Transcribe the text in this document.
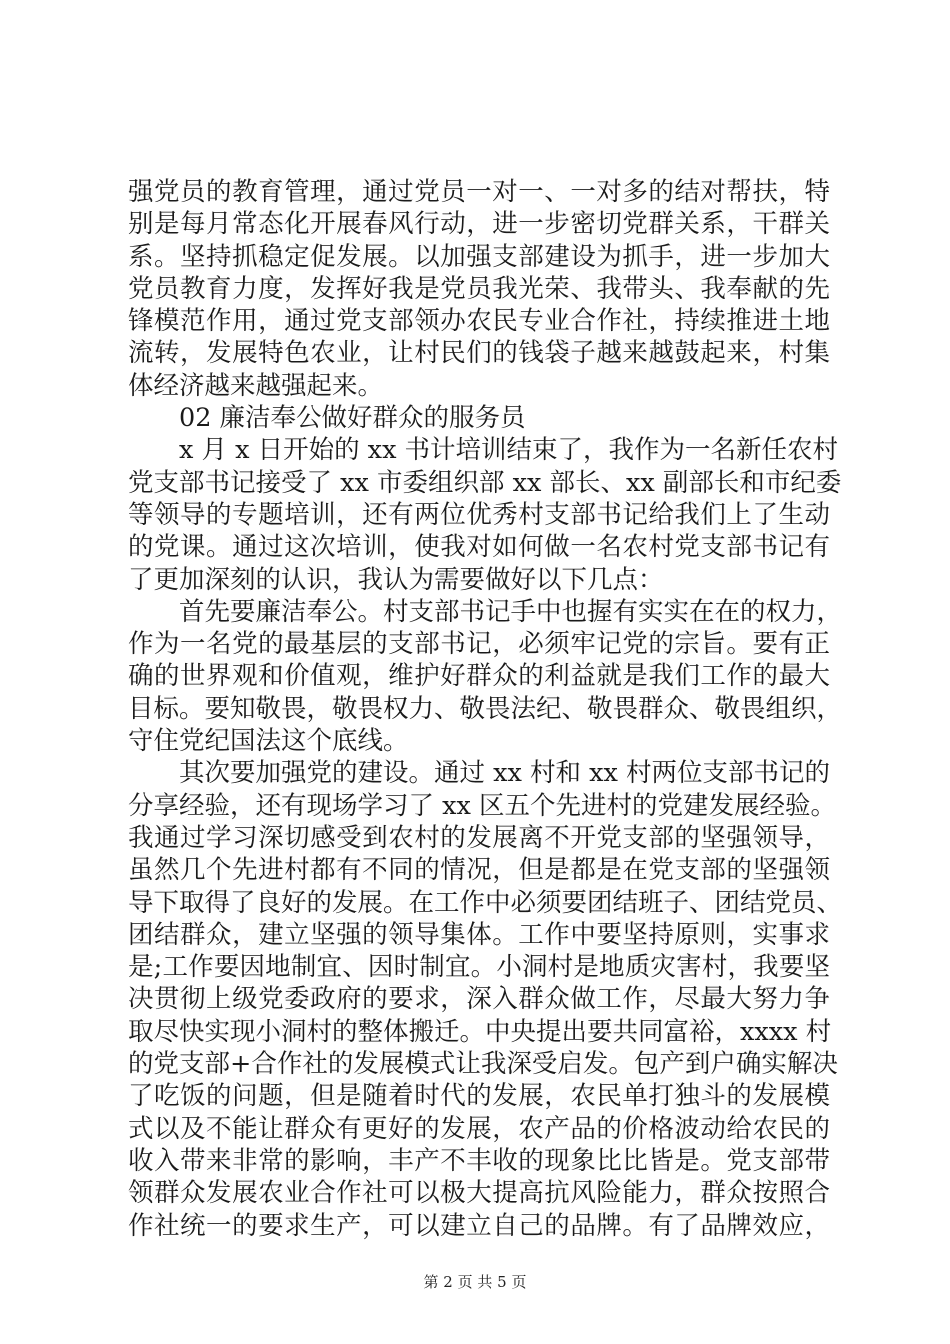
强党员的教育管理，通过党员一对一、一对多的结对帮扶，特
别是每月常态化开展春风行动，进一步密切党群关系，干群关
系。坚持抓稳定促发展。以加强支部建设为抓手，进一步加大
党员教育力度，发挥好我是党员我光荣、我带头、我奉献的先
锋模范作用，通过党支部领办农民专业合作社，持续推进土地
流转，发展特色农业，让村民们的钱袋子越来越鼓起来，村集
体经济越来越强起来。
02 廉洁奉公做好群众的服务员
x 月 x 日开始的 xx 书计培训结束了，我作为一名新任农村
党支部书记接受了 xx 市委组织部 xx 部长、xx 副部长和市纪委
等领导的专题培训，还有两位优秀村支部书记给我们上了生动
的党课。通过这次培训，使我对如何做一名农村党支部书记有
了更加深刻的认识，我认为需要做好以下几点：
首先要廉洁奉公。村支部书记手中也握有实实在在的权力，
作为一名党的最基层的支部书记，必须牢记党的宗旨。要有正
确的世界观和价值观，维护好群众的利益就是我们工作的最大
目标。要知敬畏，敬畏权力、敬畏法纪、敬畏群众、敬畏组织，
守住党纪国法这个底线。
其次要加强党的建设。通过 xx 村和 xx 村两位支部书记的
分享经验，还有现场学习了 xx 区五个先进村的党建发展经验。
我通过学习深切感受到农村的发展离不开党支部的坚强领导，
虽然几个先进村都有不同的情况，但是都是在党支部的坚强领
导下取得了良好的发展。在工作中必须要团结班子、团结党员、
团结群众，建立坚强的领导集体。工作中要坚持原则，实事求
是;工作要因地制宜、因时制宜。小洞村是地质灾害村，我要坚
决贯彻上级党委政府的要求，深入群众做工作，尽最大努力争
取尽快实现小洞村的整体搬迁。中央提出要共同富裕，xxxx 村
的党支部+合作社的发展模式让我深受启发。包产到户确实解决
了吃饭的问题，但是随着时代的发展，农民单打独斗的发展模
式以及不能让群众有更好的发展，农产品的价格波动给农民的
收入带来非常的影响，丰产不丰收的现象比比皆是。党支部带
领群众发展农业合作社可以极大提高抗风险能力，群众按照合
作社统一的要求生产，可以建立自己的品牌。有了品牌效应，
第 2 页 共 5 页
